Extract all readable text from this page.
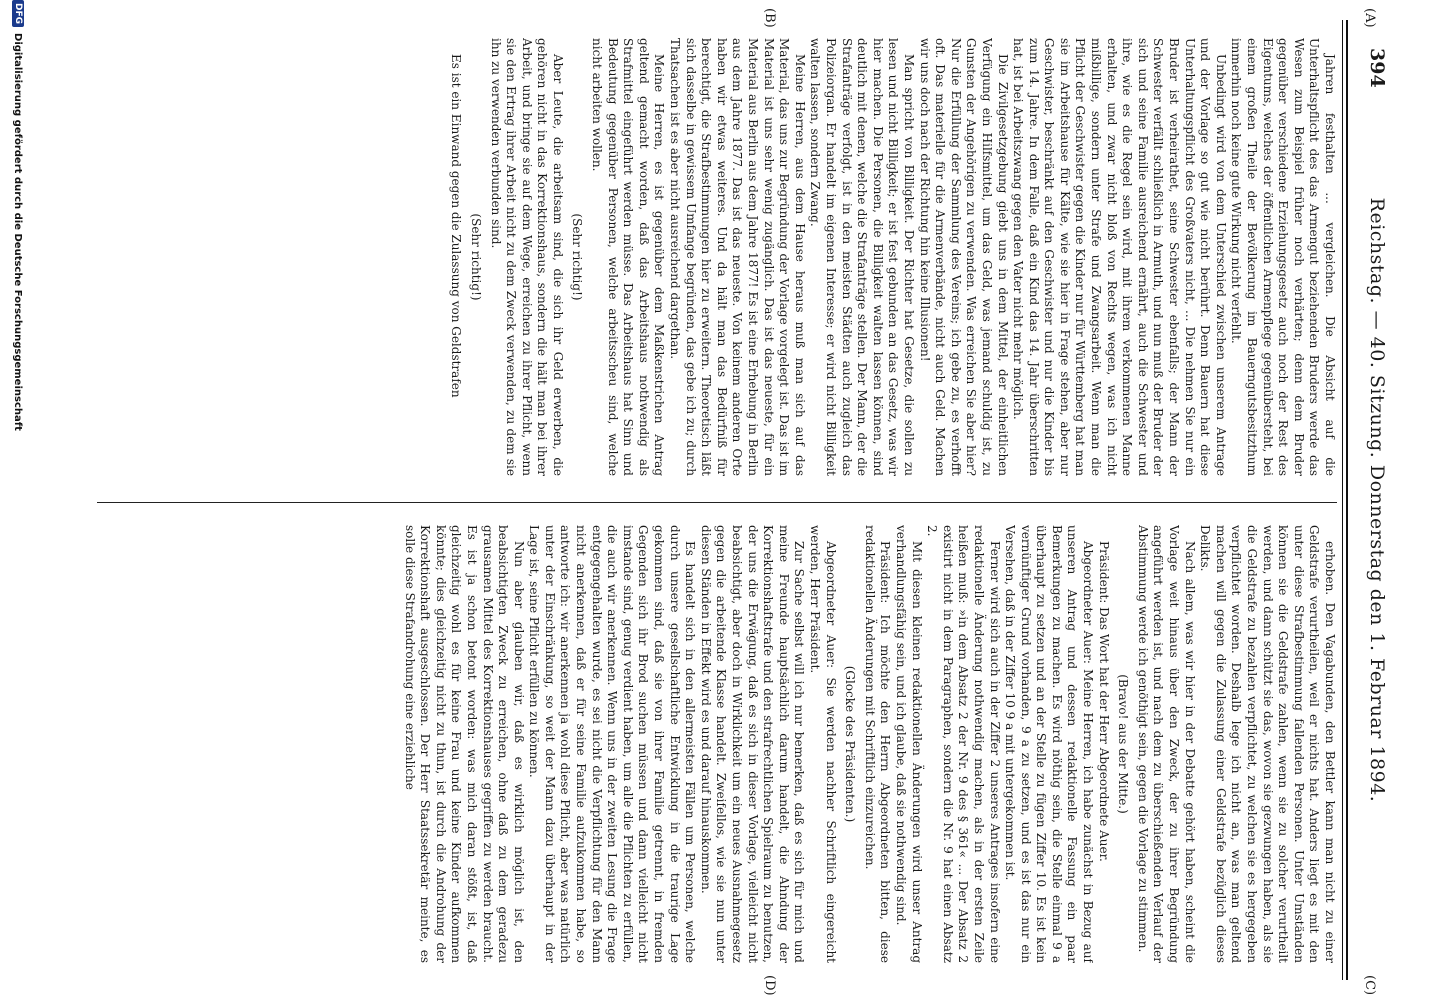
394
Reichstag. — 40. Sitzung. Donnerstag den 1. Februar 1894.
(A)
(B)
(C)
(D)

Jahren festhalten ... vergleichen. Die Absicht auf die Unterhaltspflicht des das Armengut beziehenden Bruders werde das Wesen zum Beispiel früher noch verhärten; denn dem Bruder gegenüber verschiedene Erziehungsgesetz auch noch der Rest des Eigentums, welches der öffentlichen Armenpflege gegenübersteht, bei einem großen Theile der Bevölkerung im Bauerngutsbesitzthum immerhin noch keine gute Wirkung nicht verfehlt.

Unbedingt wird von dem Unterschied zwischen unserem Antrage und der Vorlage so gut wie nicht berührt. Denn Bauern hat diese Unterhaltungspflicht des Großvaters nicht, ... Die nehmen Sie nur ein Bruder ist verheirathet, seine Schwester ebenfalls; der Mann der Schwester verfällt schließlich in Armuth, und nun muß der Bruder der sich und seine Familie ausreichend ernährt, auch die Schwester und ihre, wie es die Regel sein wird, mit ihrem verkommenen Manne erhalten, und zwar nicht bloß von Rechts wegen, was ich nicht mißbillige, sondern unter Strafe und Zwangsarbeit. Wenn man die Pflicht der Geschwister gegen die Kinder nur für Württemberg hat man sie im Arbeitshause für Kälte, wie sie hier in Frage stehen, aber nur Geschwister, beschränkt auf den Geschwister und nur die Kinder bis zum 14. Jahre. In dem Falle, daß ein Kind das 14. Jahr überschritten hat, ist bei Arbeitszwang gegen den Vater nicht mehr möglich.

Die Zivilgesetzgebung giebt uns in dem Mittel, der einheitlichen Verfügung ein Hilfsmittel, um das Geld, was jemand schuldig ist, zu Gunsten der Angehörigen zu verwenden. Was erreichen Sie aber hier? Nur die Erfüllung der Sammlung des Vereins; ich gebe zu, es verhofft oft. Das materielle für die Armenverbände, nicht auch Geld. Machen wir uns doch nach der Richtung hin keine Illusionen!

Man spricht von Billigkeit. Der Richter hat Gesetze, die sollen zu lesen und nicht Billigkeit; er ist fest gebunden an das Gesetz, was wir hier machen. Die Personen, die Billigkeit walten lassen können, sind deutlich mit denen, welche die Strafanträge stellen. Der Mann, der die Strafanträge verfolgt, ist in den meisten Städten auch zugleich das Polizeiorgan. Er handelt im eigenen Interesse; er wird nicht Billigkeit walten lassen, sondern Zwang.

Meine Herren, aus dem Hause heraus muß man sich auf das Material, das uns zur Begründung der Vorlage vorgelegt ist. Das ist im Material ist uns sehr wenig zugänglich. Das ist das neueste, für ein Material aus Berlin aus dem Jahre 1877! Es ist eine Erhebung in Berlin aus dem Jahre 1877. Das ist das neueste. Von keinem anderen Orte haben wir etwas weiteres. Und da hält man das Bedürfniß für berechtigt, die Strafbestimmungen hier zu erweitern. Theoretisch läßt sich dasselbe in gewissem Umfange begründen, das gebe ich zu; durch Thatsachen ist es aber nicht ausreichend dargethan.

Meine Herren, es ist gegenüber dem Maßkenstrichen Antrag geltend gemacht worden, daß das Arbeitshaus nothwendig als Strafmittel eingeführt werden müsse. Das Arbeitshaus hat Sinn und Bedeutung gegenüber Personen, welche arbeitsscheu sind, welche nicht arbeiten wollen.

(Sehr richtig!)

Aber Leute, die arbeitsam sind, die sich ihr Geld erwerben, die gehören nicht in das Korrektionshaus, sondern die hält man bei ihrer Arbeit, und bringe sie auf dem Wege, erreichen zu ihrer Pflicht, wenn sie den Ertrag ihrer Arbeit nicht zu dem Zweck verwenden, zu dem sie ihn zu verwenden verbunden sind.

(Sehr richtig!)

Es ist ein Einwand gegen die Zulassung von Geldstrafen

erhoben. Den Vagabunden, den Bettler kann man nicht zu einer Geldstrafe verurtheilen, weil er nichts hat. Anders liegt es mit den unter diese Strafbestimmung fallenden Personen. Unter Umständen können sie die Geldstrafe zahlen, wenn sie zu solcher verurtheilt werden, und dann schützt sie das, wovon sie gezwungen haben, als sie die Geldstrafe zu bezahlen verpflichtet, zu welchen sie es hergegeben verpflichtet worden. Deshalb lege ich nicht an, was man geltend machen will gegen die Zulassung einer Geldstrafe bezüglich dieses Delikts.

Nach allem, was wir hier in der Debatte gehört haben, scheint die Vorlage weit hinaus über den Zweck, der zu ihrer Begründung angeführt werden ist, und nach dem zu überschießenden Verlauf der Abstimmung werde ich genöthigt sein, gegen die Vorlage zu stimmen.

(Bravo! aus der Mitte.)

Präsident: Das Wort hat der Herr Abgeordnete Auer.

Abgeordneter Auer: Meine Herren, ich habe zunächst in Bezug auf unseren Antrag und dessen redaktionelle Fassung ein paar Bemerkungen zu machen. Es wird nöthig sein, die Stelle einmal 9 a überhaupt zu setzen und an der Stelle zu fügen Ziffer 10. Es ist kein vernünftiger Grund vorhanden, 9 a zu setzen, und es ist das nur ein Versehen, daß in der Ziffer 10 9 a mit untergekommen ist.

Ferner wird sich auch in der Ziffer 2 unseres Antrages insofern eine redaktionelle Änderung nothwendig machen, als in der ersten Zeile heißen muß: »in dem Absatz 2 der Nr. 9 des § 361« ... Der Absatz 2 existirt nicht in dem Paragraphen, sondern die Nr. 9 hat einen Absatz 2.

Mit diesen kleinen redaktionellen Änderungen wird unser Antrag verhandlungsfähig sein, und ich glaube, daß sie nothwendig sind.

Präsident: Ich möchte den Herrn Abgeordneten bitten, diese redaktionellen Änderungen mit Schriftlich einzureichen.

(Glocke des Präsidenten.)

Abgeordneter Auer: Sie werden nachher Schriftlich eingereicht werden, Herr Präsident.

Zur Sache selbst will ich nur bemerken, daß es sich für mich und meine Freunde hauptsächlich darum handelt, die Ahndung der Korrektionshaftstrafe und den strafrechtlichen Spielraum zu benutzen, der uns die Erwägung, daß es sich in dieser Vorlage, vielleicht nicht beabsichtigt, aber doch in Wirklichkeit um ein neues Ausnahmegesetz gegen die arbeitende Klasse handelt. Zweifellos, wie sie nun unter diesen Ständen in Effekt wird es und darauf hinauskommen.

Es handelt sich in den allermeisten Fällen um Personen, welche durch unsere gesellschaftliche Entwicklung in die traurige Lage gekommen sind, daß sie von ihrer Familie getrennt, in fremden Gegenden sich ihr Brod suchen müssen und dann vielleicht nicht imstande sind, genug verdient haben, um alle die Pflichten zu erfüllen, die auch wir anerkennen. Wenn uns in der zweiten Lesung die Frage entgegengehalten wurde, es sei nicht die Verpflichtung für den Mann nicht anerkennen, daß er für seine Familie aufzukommen habe, so antworte ich: wir anerkennen ja wohl diese Pflicht, aber was natürlich unter der Einschränkung, so weit der Mann dazu überhaupt in der Lage ist, seine Pflicht erfüllen zu können.

Nun aber glauben wir, daß es wirklich möglich ist, den beabsichtigten Zweck zu erreichen, ohne daß zu dem geradezu grausamen Mittel des Korrektionshauses gegriffen zu werden braucht. Es ist ja schon betont worden: was mich daran stößt, ist, daß gleichzeitig wohl es für keine Frau und keine Kinder aufkommen könnte; dies gleichzeitig nicht zu thun, ist durch die Androhung der Korrektionshaft ausgeschlossen. Der Herr Staatssekretär meinte, es solle diese Strafandrohung eine erziehliche

DFG
Digitalisierung gefördert durch die Deutsche Forschungsgemeinschaft
